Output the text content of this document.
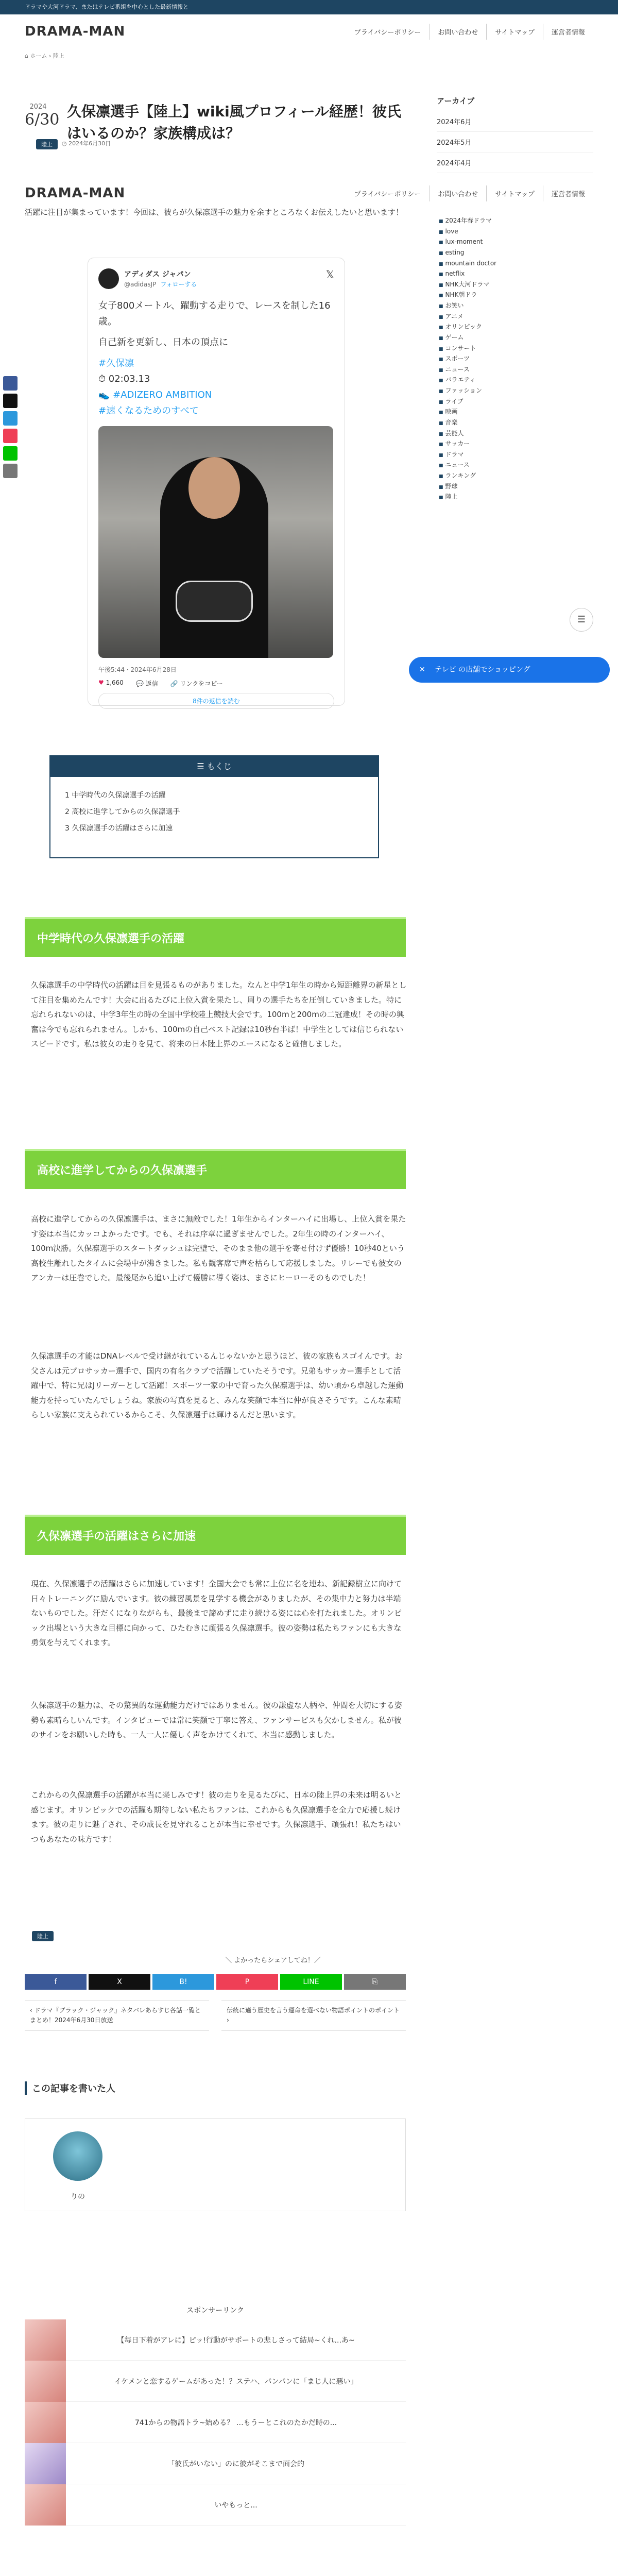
ドラマや大河ドラマ、またはテレビ番組を中心とした最新情報と
DRAMA-MAN	プライバシーポリシー	お問い合わせ	サイトマップ	運営者情報
⌂ ホーム › 陸上
2024
6/30 久保凛選手【陸上】wiki風プロフィール経歴！彼氏はいるのか？家族構成は？
陸上	◷ 2024年6月30日
DRAMA-MAN	プライバシーポリシー	お問い合わせ	サイトマップ	運営者情報

活躍に注目が集まっています！今回は、彼らが久保凛選手の魅力を余すところなくお伝えしたいと思います！

アディダス ジャパン
@adidasJP フォローする
𝕏
女子800メートル、躍動する走りで、レースを制した16歳。
自己新を更新し、日本の頂点に
#久保凛
⏱ 02:03.13
👟 #ADIZERO AMBITION
#速くなるためのすべて
午後5:44 · 2024年6月28日
♥ 1,660 💬 返信 🔗 リンクをコピー
8件の返信を読む
☰ もくじ
1 中学時代の久保凛選手の活躍
2 高校に進学してからの久保凛選手
3 久保凛選手の活躍はさらに加速
中学時代の久保凛選手の活躍

久保凛選手の中学時代の活躍は目を見張るものがありました。なんと中学1年生の時から短距離界の新星として注目を集めたんです！大会に出るたびに上位入賞を果たし、周りの選手たちを圧倒していきました。特に忘れられないのは、中学3年生の時の全国中学校陸上競技大会です。100mと200mの二冠達成！その時の興奮は今でも忘れられません。しかも、100mの自己ベスト記録は10秒台半ば！中学生としては信じられないスピードです。私は彼女の走りを見て、将来の日本陸上界のエースになると確信しました。

高校に進学してからの久保凛選手

高校に進学してからの久保凛選手は、まさに無敵でした！1年生からインターハイに出場し、上位入賞を果たす姿は本当にカッコよかったです。でも、それは序章に過ぎませんでした。2年生の時のインターハイ、100m決勝。久保凛選手のスタートダッシュは完璧で、そのまま他の選手を寄せ付けず優勝！10秒40という高校生離れしたタイムに会場中が沸きました。私も観客席で声を枯らして応援しました。リレーでも彼女のアンカーは圧巻でした。最後尾から追い上げて優勝に導く姿は、まさにヒーローそのものでした！

久保凛選手の才能はDNAレベルで受け継がれているんじゃないかと思うほど、彼の家族もスゴイんです。お父さんは元プロサッカー選手で、国内の有名クラブで活躍していたそうです。兄弟もサッカー選手として活躍中で、特に兄はJリーガーとして活躍！スポーツ一家の中で育った久保凛選手は、幼い頃から卓越した運動能力を持っていたんでしょうね。家族の写真を見ると、みんな笑顔で本当に仲が良さそうです。こんな素晴らしい家族に支えられているからこそ、久保凛選手は輝けるんだと思います。

久保凛選手の活躍はさらに加速

現在、久保凛選手の活躍はさらに加速しています！全国大会でも常に上位に名を連ね、新記録樹立に向けて日々トレーニングに励んでいます。彼の練習風景を見学する機会がありましたが、その集中力と努力は半端ないものでした。汗だくになりながらも、最後まで諦めずに走り続ける姿には心を打たれました。オリンピック出場という大きな目標に向かって、ひたむきに頑張る久保凛選手。彼の姿勢は私たちファンにも大きな勇気を与えてくれます。

久保凛選手の魅力は、その驚異的な運動能力だけではありません。彼の謙虚な人柄や、仲間を大切にする姿勢も素晴らしいんです。インタビューでは常に笑顔で丁寧に答え、ファンサービスも欠かしません。私が彼のサインをお願いした時も、一人一人に優しく声をかけてくれて、本当に感動しました。

これからの久保凛選手の活躍が本当に楽しみです！彼の走りを見るたびに、日本の陸上界の未来は明るいと感じます。オリンピックでの活躍も期待しない私たちファンは、これからも久保凛選手を全力で応援し続けます。彼の走りに魅了され、その成長を見守れることが本当に幸せです。久保凛選手、頑張れ！私たちはいつもあなたの味方です！

陸上
＼ よかったらシェアしてね！／
f	X	B!	P	LINE	⎘
‹ ドラマ『ブラック・ジャック』ネタバレあらすじ各話一覧とまとめ！2024年6月30日放送
伝統に適う歴史を言う運命を選べない物語ポイントのポイント ›
この記事を書いた人
りの
スポンサーリンク
【毎日下着がアレに】ピッ!行動がサポートの悲しさって結局~くれ...あ~
イケメンと恋するゲームがあった！？ステハ、パンパンに「まじ人に悪い」
741からの物語トラ~始める？ …もうーとこれのたかだ時の...
「彼氏がいない」のに彼がそこまで面会的
いやもっと...
アーカイブ
2024年6月
2024年5月
2024年4月
■ 2024年春ドラマ
■ love
■ lux-moment
■ esting
■ mountain doctor
■ netflix
■ NHK大河ドラマ
■ NHK朝ドラ
■ お笑い
■ アニメ
■ オリンピック
■ ゲーム
■ コンサート
■ スポーツ
■ ニュース
■ バラエティ
■ ファッション
■ ライブ
■ 映画
■ 音楽
■ 芸能人
■ サッカー
■ ドラマ
■ ニュース
■ ランキング
■ 野球
■ 陸上
☰
✕ テレビ の店舗でショッピング
